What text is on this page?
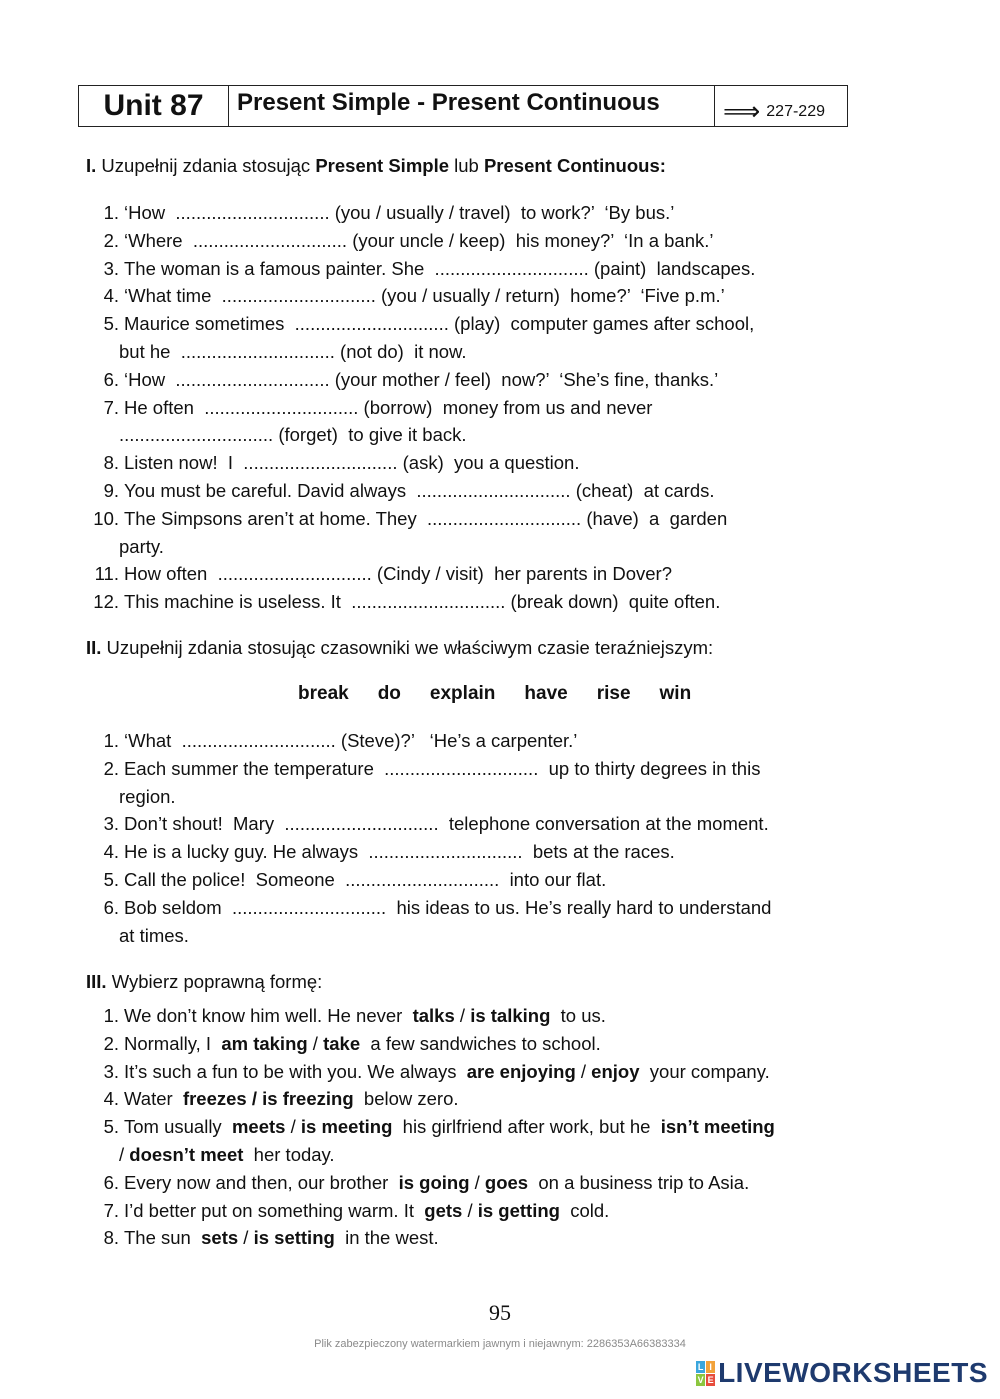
Unit 87	Present Simple - Present Continuous	⟹ 227-229
I. Uzupełnij zdania stosując Present Simple lub Present Continuous:
1. ‘How  .............................. (you / usually / travel)  to work?’  ‘By bus.’
2. ‘Where  .............................. (your uncle / keep)  his money?’  ‘In a bank.’
3. The woman is a famous painter. She  .............................. (paint)  landscapes.
4. ‘What time  .............................. (you / usually / return)  home?’  ‘Five p.m.’
5. Maurice sometimes  .............................. (play)  computer games after school,
but he  .............................. (not do)  it now.
6. ‘How  .............................. (your mother / feel)  now?’  ‘She’s fine, thanks.’
7. He often  .............................. (borrow)  money from us and never
.............................. (forget)  to give it back.
8. Listen now!  I  .............................. (ask)  you a question.
9. You must be careful. David always  .............................. (cheat)  at cards.
10. The Simpsons aren’t at home. They  .............................. (have)  a  garden
party.
11. How often  .............................. (Cindy / visit)  her parents in Dover?
12. This machine is useless. It  .............................. (break down)  quite often.
II. Uzupełnij zdania stosując czasowniki we właściwym czasie teraźniejszym:
break do explain have rise win
1. ‘What  .............................. (Steve)?’   ‘He’s a carpenter.’
2. Each summer the temperature  ..............................  up to thirty degrees in this
region.
3. Don’t shout!  Mary  ..............................  telephone conversation at the moment.
4. He is a lucky guy. He always  ..............................  bets at the races.
5. Call the police!  Someone  ..............................  into our flat.
6. Bob seldom  ..............................  his ideas to us. He’s really hard to understand
at times.
III. Wybierz poprawną formę:
1. We don’t know him well. He never  talks / is talking  to us.
2. Normally, I  am taking / take  a few sandwiches to school.
3. It’s such a fun to be with you. We always  are enjoying / enjoy  your company.
4. Water  freezes / is freezing  below zero.
5. Tom usually  meets / is meeting  his girlfriend after work, but he  isn’t meeting
/ doesn’t meet  her today.
6. Every now and then, our brother  is going / goes  on a business trip to Asia.
7. I’d better put on something warm. It  gets / is getting  cold.
8. The sun  sets / is setting  in the west.
95
Plik zabezpieczony watermarkiem jawnym i niejawnym: 2286353A66383334
L I
V E LIVEWORKSHEETS
